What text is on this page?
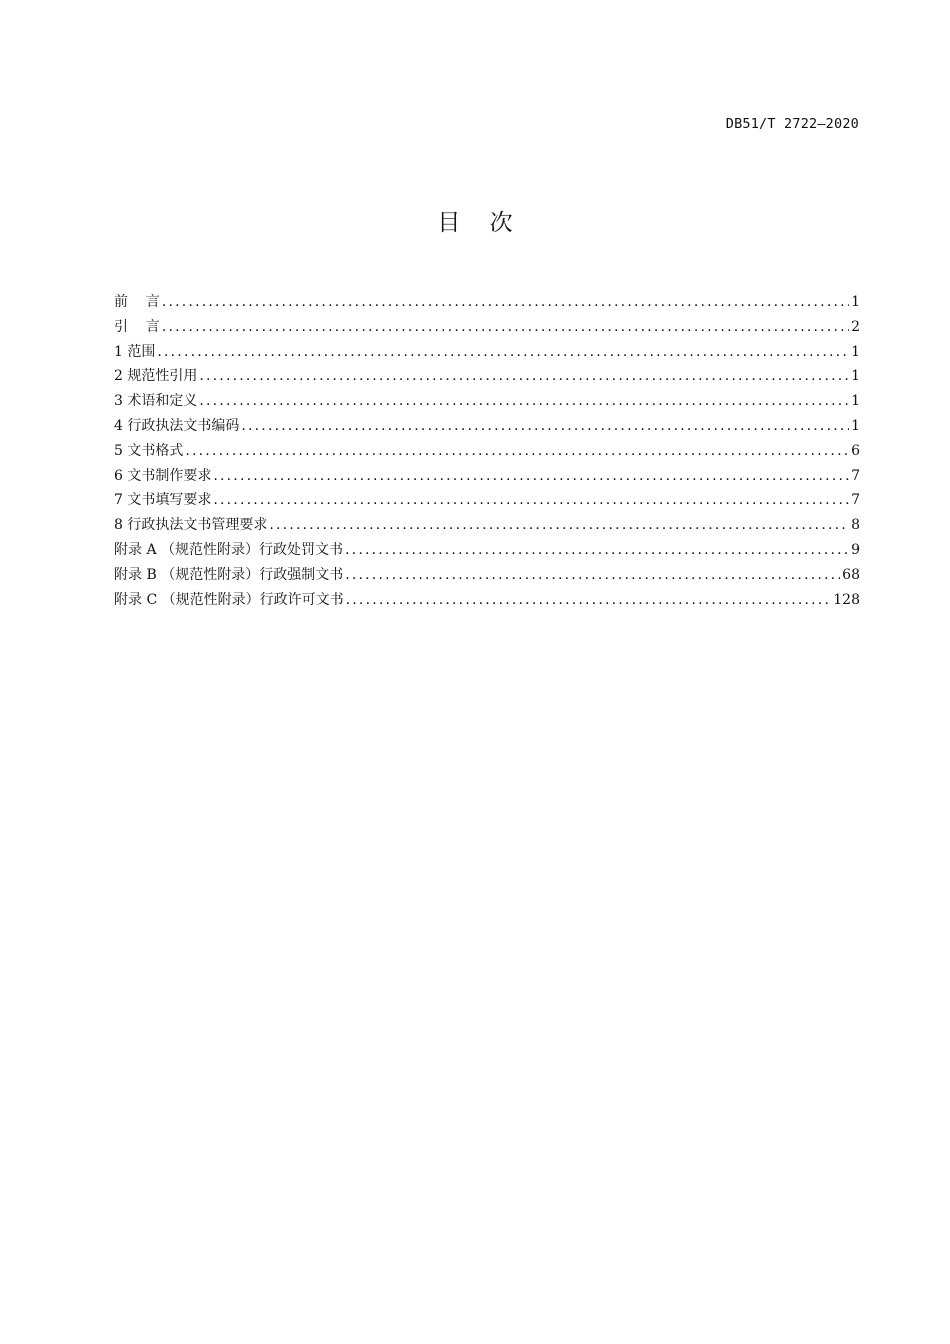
DB51/T 2722—2020
目    次
前    言 .....	1
引    言 .....	2
1 范围 .....	1
2 规范性引用 .....	1
3 术语和定义 .....	1
4 行政执法文书编码 .....	1
5 文书格式 .....	6
6 文书制作要求 .....	7
7 文书填写要求 .....	7
8 行政执法文书管理要求 .....	8
附录 A （规范性附录）行政处罚文书 .....	9
附录 B （规范性附录）行政强制文书 .....	68
附录 C （规范性附录）行政许可文书 .....	128
